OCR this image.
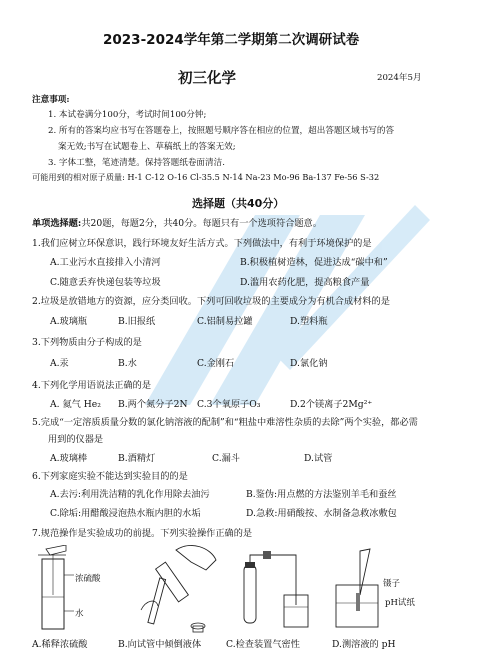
2023-2024学年第二学期第二次调研试卷
初三化学	2024年5月
注意事项:
1. 本试卷满分100分，考试时间100分钟;
2. 所有的答案均应书写在答题卷上，按照题号顺序答在相应的位置，超出答题区域书写的答
案无效;书写在试题卷上、草稿纸上的答案无效;
3. 字体工整，笔迹清楚。保持答题纸卷面清洁.
可能用到的相对原子质量: H-1 C-12 O-16 Cl-35.5 N-14 Na-23 Mo-96 Ba-137 Fe-56 S-32
选择题（共40分）
单项选择题:共20题，每题2分，共40分。每题只有一个选项符合题意。
1.我们应树立环保意识，践行环境友好生活方式。下列做法中，有利于环境保护的是
A.工业污水直接排入小清河	B.积极植树造林，促进达成“碳中和”
C.随意丢弃快递包装等垃圾	D.滥用农药化肥，提高粮食产量
2.垃圾是放错地方的资源，应分类回收。下列可回收垃圾的主要成分为有机合成材料的是
A.玻璃瓶	B.旧报纸	C.铝制易拉罐	D.塑料瓶
3.下列物质由分子构成的是
A.汞	B.水	C.金刚石	D.氯化钠
4.下列化学用语说法正确的是
A. 氦气 He₂ B.两个氮分子2N C.3个氧原子O₃	D.2个镁离子2Mg²⁺
5.完成“一定溶质质量分数的氯化钠溶液的配制”和“粗盐中难溶性杂质的去除”两个实验，都必需
用到的仪器是
A.玻璃棒	B.酒精灯	C.漏斗	D.试管
6.下列家庭实验不能达到实验目的的是
A.去污:利用洗洁精的乳化作用除去油污	B.鉴伪:用点燃的方法鉴别羊毛和蚕丝
C.除垢:用醋酸浸泡热水瓶内胆的水垢	D.急救:用硝酸按、水制备急救冰敷包
7.规范操作是实验成功的前提。下列实验操作正确的是
浓硫酸
水
镊子
pH试纸
A.稀释浓硫酸	B.向试管中倾倒液体	C.检查装置气密性	D.测溶液的 pH
